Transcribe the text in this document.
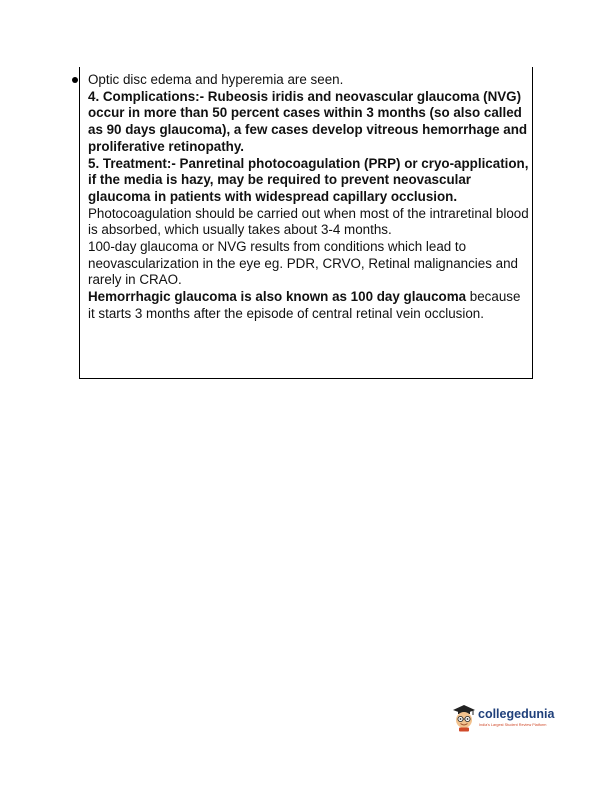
Optic disc edema and hyperemia are seen.

4. Complications:- Rubeosis iridis and neovascular glaucoma (NVG) occur in more than 50 percent cases within 3 months (so also called as 90 days glaucoma), a few cases develop vitreous hemorrhage and proliferative retinopathy.

5. Treatment:- Panretinal photocoagulation (PRP) or cryo-application, if the media is hazy, may be required to prevent neovascular glaucoma in patients with widespread capillary occlusion.

Photocoagulation should be carried out when most of the intraretinal blood is absorbed, which usually takes about 3-4 months.

100-day glaucoma or NVG results from conditions which lead to neovascularization in the eye eg. PDR, CRVO, Retinal malignancies and rarely in CRAO.

Hemorrhagic glaucoma is also known as 100 day glaucoma because it starts 3 months after the episode of central retinal vein occlusion.

collegedunia
India's Largest Student Review Platform
